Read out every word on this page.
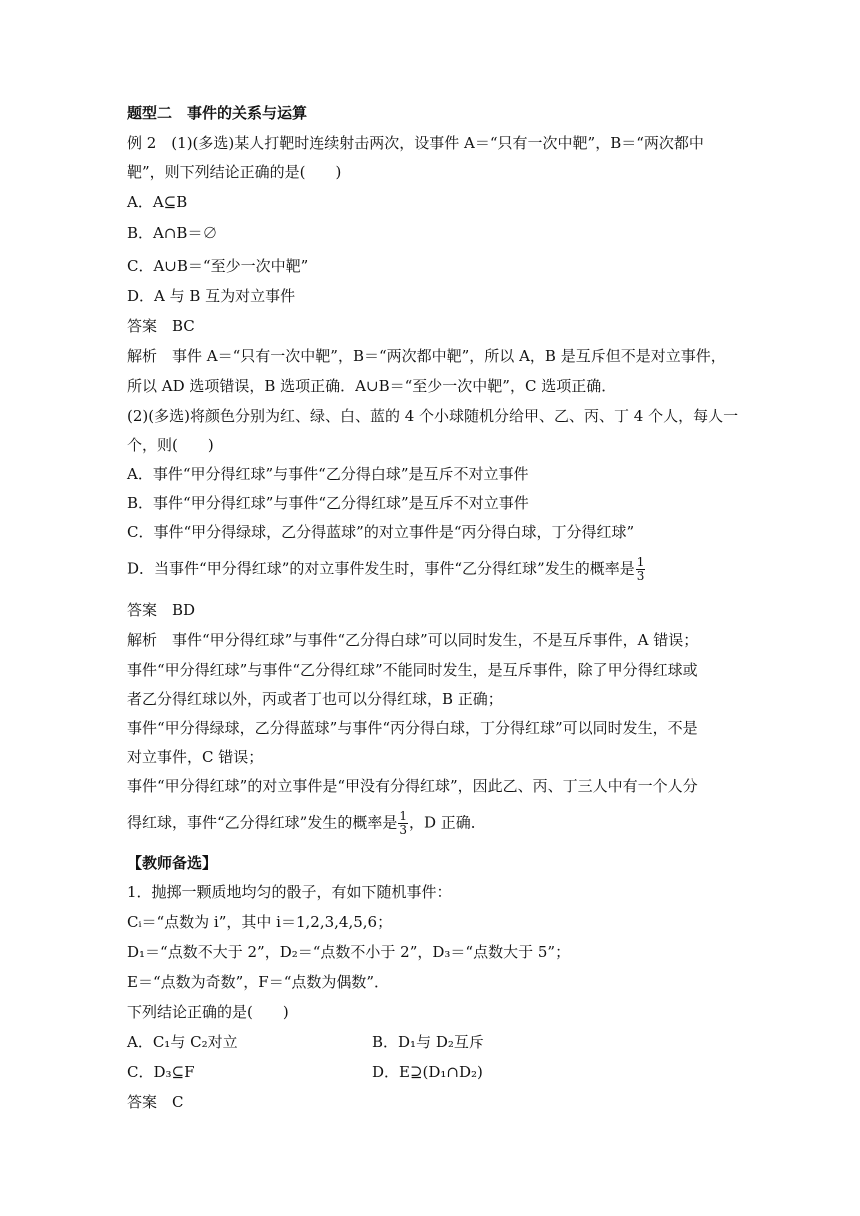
题型二　事件的关系与运算
例 2　(1)(多选)某人打靶时连续射击两次，设事件 A＝“只有一次中靶”，B＝“两次都中
靶”，则下列结论正确的是(　　)
A．A⊆B
B．A∩B＝∅
C．A∪B＝“至少一次中靶”
D．A 与 B 互为对立事件
答案　BC
解析　事件 A＝“只有一次中靶”，B＝“两次都中靶”，所以 A，B 是互斥但不是对立事件，
所以 AD 选项错误，B 选项正确．A∪B＝“至少一次中靶”，C 选项正确．
(2)(多选)将颜色分别为红、绿、白、蓝的 4 个小球随机分给甲、乙、丙、丁 4 个人，每人一
个，则(　　)
A．事件“甲分得红球”与事件“乙分得白球”是互斥不对立事件
B．事件“甲分得红球”与事件“乙分得红球”是互斥不对立事件
C．事件“甲分得绿球，乙分得蓝球”的对立事件是“丙分得白球，丁分得红球”
D．当事件“甲分得红球”的对立事件发生时，事件“乙分得红球”发生的概率是 $\frac{1}{3}$
答案　BD
解析　事件“甲分得红球”与事件“乙分得白球”可以同时发生，不是互斥事件，A 错误；
事件“甲分得红球”与事件“乙分得红球”不能同时发生，是互斥事件，除了甲分得红球或
者乙分得红球以外，丙或者丁也可以分得红球，B 正确；
事件“甲分得绿球，乙分得蓝球”与事件“丙分得白球，丁分得红球”可以同时发生，不是
对立事件，C 错误；
事件“甲分得红球”的对立事件是“甲没有分得红球”，因此乙、丙、丁三人中有一个人分
得红球，事件“乙分得红球”发生的概率是 $\frac{1}{3}$ ，D 正确．
【教师备选】
1．抛掷一颗质地均匀的骰子，有如下随机事件：
Cᵢ＝“点数为 i”，其中 i＝1,2,3,4,5,6；
D₁＝“点数不大于 2”，D₂＝“点数不小于 2”，D₃＝“点数大于 5”；
E＝“点数为奇数”，F＝“点数为偶数”．
下列结论正确的是(　　)
A．C₁与 C₂对立	B．D₁与 D₂互斥
C．D₃⊆F	D．E⊇(D₁∩D₂)
答案　C
